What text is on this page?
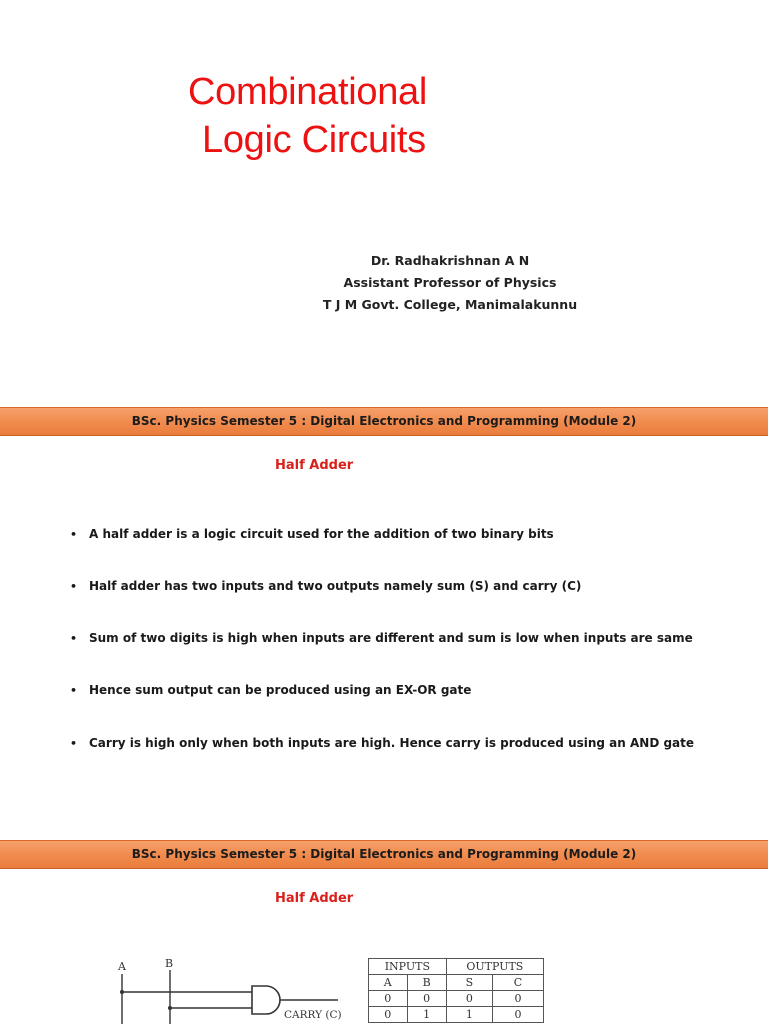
Combinational
Logic Circuits
Dr. Radhakrishnan A N
Assistant Professor of Physics
T J M Govt. College, Manimalakunnu
BSc. Physics Semester 5 : Digital Electronics and Programming (Module 2)
Half Adder
• A half adder is a logic circuit used for the addition of two binary bits
• Half adder has two inputs and two outputs namely sum (S) and carry (C)
• Sum of two digits is high when inputs are different and sum is low when inputs are same
• Hence sum output can be produced using an EX-OR gate
• Carry is high only when both inputs are high. Hence carry is produced using an AND gate
BSc. Physics Semester 5 : Digital Electronics and Programming (Module 2)
Half Adder
A	B
CARRY (C)
INPUTS		OUTPUTS	
A	B	S	C
0	0	0	0
0	1	1	0
